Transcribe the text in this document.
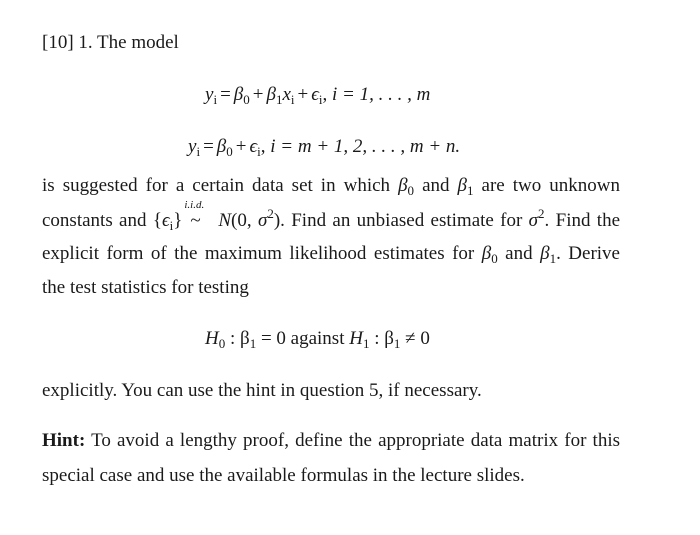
[10] 1. The model
$y_i = \beta_0 + \beta_1x_i + \epsilon_i$, i = 1, . . . , m
$y_i = \beta_0 + \epsilon_i$, i = m + 1, 2, . . . , m + n.
is suggested for a certain data set in which $\beta_0$ and $\beta_1$ are two unknown
constants and $\{\epsilon_i\}$
i.i.d.
~ N(0, $\sigma^2$). Find an unbiased estimate for $\sigma^2$. Find the
explicit form of the maximum likelihood estimates for $\beta_0$ and $\beta_1$. Derive
the test statistics for testing
$H_0$ : $\beta_1 = 0$ against $H_1$ : $\beta_1 \ne 0$
explicitly. You can use the hint in question 5, if necessary.
Hint: To avoid a lengthy proof, define the appropriate data matrix for this
special case and use the available formulas in the lecture slides.
